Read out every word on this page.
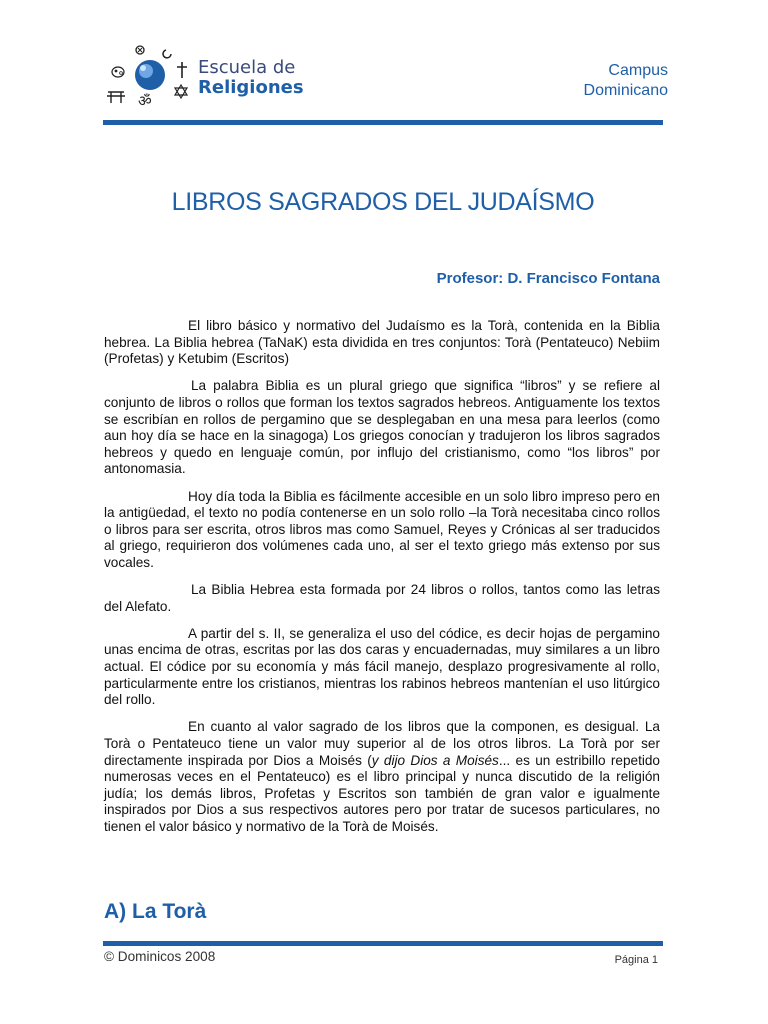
ॐ
Escuela de
Religiones
Campus
Dominicano
LIBROS SAGRADOS DEL JUDAÍSMO
Profesor: D. Francisco Fontana

El libro básico y normativo del Judaísmo es la Torà, contenida en la Biblia hebrea. La Biblia hebrea (TaNaK) esta dividida en tres conjuntos: Torà (Pentateuco) Nebiim (Profetas) y Ketubim (Escritos)

La palabra Biblia es un plural griego que significa “libros” y se refiere al conjunto de libros o rollos que forman los textos sagrados hebreos. Antiguamente los textos se escribían en rollos de pergamino que se desplegaban en una mesa para leerlos (como aun hoy día se hace en la sinagoga) Los griegos conocían y tradujeron los libros sagrados hebreos y quedo en lenguaje común, por influjo del cristianismo, como “los libros” por antonomasia.

Hoy día toda la Biblia es fácilmente accesible en un solo libro impreso pero en la antigüedad, el texto no podía contenerse en un solo rollo –la Torà necesitaba cinco rollos o libros para ser escrita, otros libros mas como Samuel, Reyes y Crónicas al ser traducidos al griego, requirieron dos volúmenes cada uno, al ser el texto griego más extenso por sus vocales.

La Biblia Hebrea esta formada por 24 libros o rollos, tantos como las letras del Alefato.

A partir del s. II, se generaliza el uso del códice, es decir hojas de pergamino unas encima de otras, escritas por las dos caras y encuadernadas, muy similares a un libro actual. El códice por su economía y más fácil manejo, desplazo progresivamente al rollo, particularmente entre los cristianos, mientras los rabinos hebreos mantenían el uso litúrgico del rollo.

En cuanto al valor sagrado de los libros que la componen, es desigual. La Torà o Pentateuco tiene un valor muy superior al de los otros libros. La Torà por ser directamente inspirada por Dios a Moisés (y dijo Dios a Moisés... es un estribillo repetido numerosas veces en el Pentateuco) es el libro principal y nunca discutido de la religión judía; los demás libros, Profetas y Escritos son también de gran valor e igualmente inspirados por Dios a sus respectivos autores pero por tratar de sucesos particulares, no tienen el valor básico y normativo de la Torà de Moisés.

A) La Torà
© Dominicos 2008	Página 1
